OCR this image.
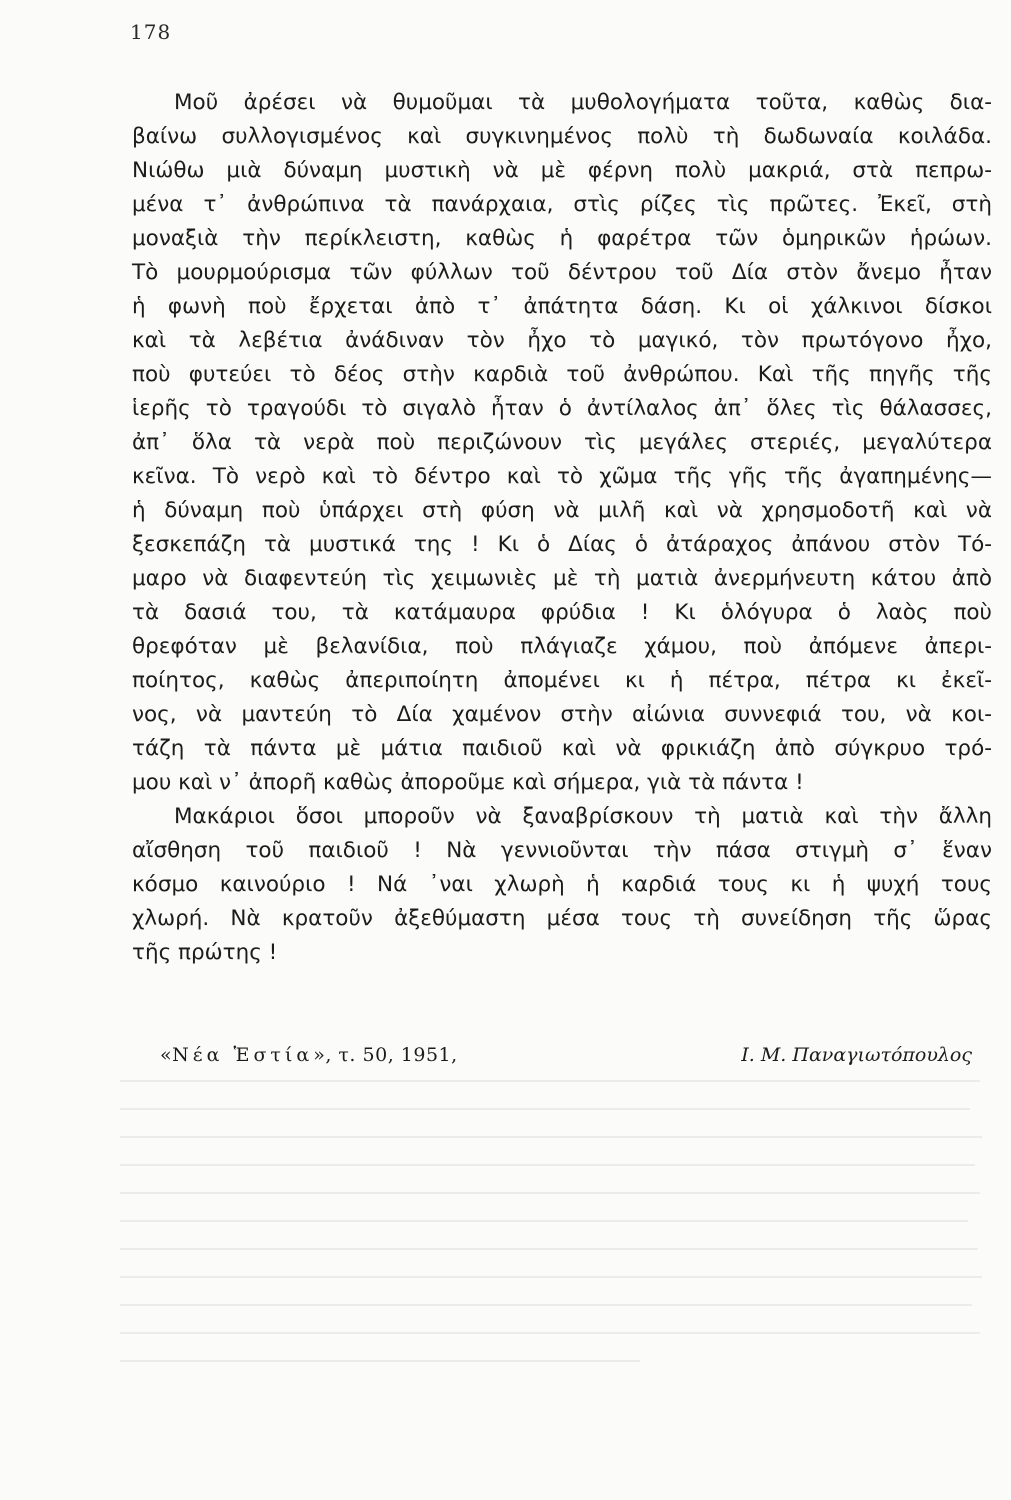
178
Μοῦ ἀρέσει νὰ θυμοῦμαι τὰ μυθολογήματα τοῦτα, καθὼς δια-
βαίνω συλλογισμένος καὶ συγκινημένος πολὺ τὴ δωδωναία κοιλάδα.
Νιώθω μιὰ δύναμη μυστικὴ νὰ μὲ φέρνη πολὺ μακριά, στὰ πεπρω-
μένα τ᾽ ἀνθρώπινα τὰ πανάρχαια, στὶς ρίζες τὶς πρῶτες. Ἐκεῖ, στὴ
μοναξιὰ τὴν περίκλειστη, καθὼς ἡ φαρέτρα τῶν ὁμηρικῶν ἡρώων.
Τὸ μουρμούρισμα τῶν φύλλων τοῦ δέντρου τοῦ Δία στὸν ἄνεμο ἦταν
ἡ φωνὴ ποὺ ἔρχεται ἀπὸ τ᾽ ἀπάτητα δάση. Κι οἱ χάλκινοι δίσκοι
καὶ τὰ λεβέτια ἀνάδιναν τὸν ἦχο τὸ μαγικό, τὸν πρωτόγονο ἦχο,
ποὺ φυτεύει τὸ δέος στὴν καρδιὰ τοῦ ἀνθρώπου. Καὶ τῆς πηγῆς τῆς
ἱερῆς τὸ τραγούδι τὸ σιγαλὸ ἦταν ὁ ἀντίλαλος ἀπ᾽ ὅλες τὶς θάλασσες,
ἀπ᾽ ὅλα τὰ νερὰ ποὺ περιζώνουν τὶς μεγάλες στεριές, μεγαλύτερα
κεῖνα. Τὸ νερὸ καὶ τὸ δέντρο καὶ τὸ χῶμα τῆς γῆς τῆς ἀγαπημένης—
ἡ δύναμη ποὺ ὑπάρχει στὴ φύση νὰ μιλῆ καὶ νὰ χρησμοδοτῆ καὶ νὰ
ξεσκεπάζη τὰ μυστικά της ! Κι ὁ Δίας ὁ ἀτάραχος ἀπάνου στὸν Τό-
μαρο νὰ διαφεντεύη τὶς χειμωνιὲς μὲ τὴ ματιὰ ἀνερμήνευτη κάτου ἀπὸ
τὰ δασιά του, τὰ κατάμαυρα φρύδια ! Κι ὁλόγυρα ὁ λαὸς ποὺ
θρεφόταν μὲ βελανίδια, ποὺ πλάγιαζε χάμου, ποὺ ἀπόμενε ἀπερι-
ποίητος, καθὼς ἀπεριποίητη ἀπομένει κι ἡ πέτρα, πέτρα κι ἐκεῖ-
νος, νὰ μαντεύη τὸ Δία χαμένον στὴν αἰώνια συννεφιά του, νὰ κοι-
τάζη τὰ πάντα μὲ μάτια παιδιοῦ καὶ νὰ φρικιάζη ἀπὸ σύγκρυο τρό-
μου καὶ ν᾽ ἀπορῆ καθὼς ἀποροῦμε καὶ σήμερα, γιὰ τὰ πάντα !
Μακάριοι ὅσοι μποροῦν νὰ ξαναβρίσκουν τὴ ματιὰ καὶ τὴν ἄλλη
αἴσθηση τοῦ παιδιοῦ ! Νὰ γεννιοῦνται τὴν πάσα στιγμὴ σ᾽ ἕναν
κόσμο καινούριο ! Νά ᾽ναι χλωρὴ ἡ καρδιά τους κι ἡ ψυχή τους
χλωρή. Νὰ κρατοῦν ἀξεθύμαστη μέσα τους τὴ συνείδηση τῆς ὥρας
τῆς πρώτης !
«Νέα Ἑστία», τ. 50, 1951,	Ι. Μ. Παναγιωτόπουλος
